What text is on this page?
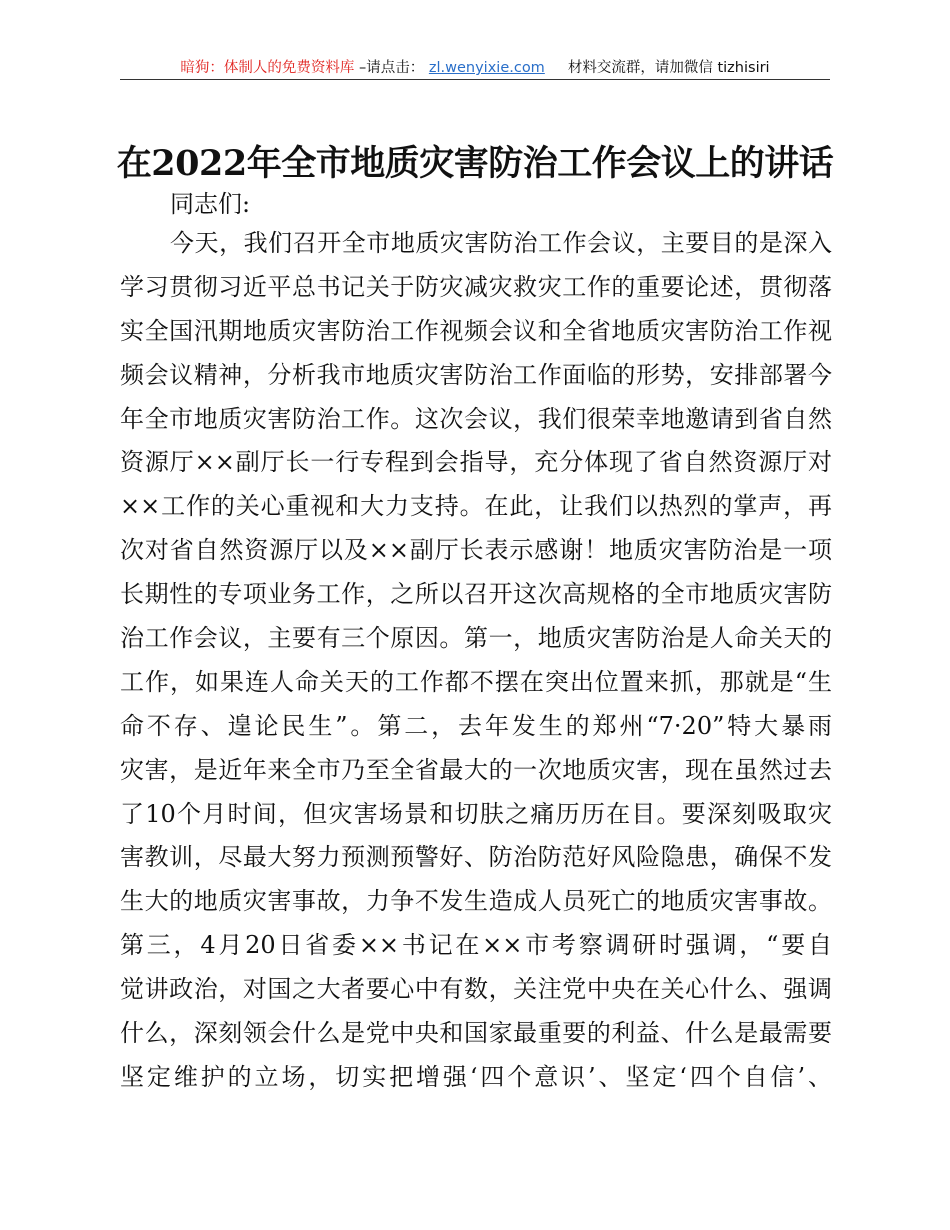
暗狗：体制人的免费资料库 –请点击： zl.wenyixie.com 材料交流群，请加微信 tizhisiri
在2022年全市地质灾害防治工作会议上的讲话
同志们:
今天，我们召开全市地质灾害防治工作会议，主要目的是深入
学习贯彻习近平总书记关于防灾减灾救灾工作的重要论述，贯彻落
实全国汛期地质灾害防治工作视频会议和全省地质灾害防治工作视
频会议精神，分析我市地质灾害防治工作面临的形势，安排部署今
年全市地质灾害防治工作。这次会议，我们很荣幸地邀请到省自然
资源厅××副厅长一行专程到会指导，充分体现了省自然资源厅对
××工作的关心重视和大力支持。在此，让我们以热烈的掌声，再
次对省自然资源厅以及××副厅长表示感谢！地质灾害防治是一项
长期性的专项业务工作，之所以召开这次高规格的全市地质灾害防
治工作会议，主要有三个原因。第一，地质灾害防治是人命关天的
工作，如果连人命关天的工作都不摆在突出位置来抓，那就是“生
命不存、遑论民生”。第二，去年发生的郑州“7·20”特大暴雨
灾害，是近年来全市乃至全省最大的一次地质灾害，现在虽然过去
了10个月时间，但灾害场景和切肤之痛历历在目。要深刻吸取灾
害教训，尽最大努力预测预警好、防治防范好风险隐患，确保不发
生大的地质灾害事故，力争不发生造成人员死亡的地质灾害事故。
第三，4月20日省委××书记在××市考察调研时强调，“要自
觉讲政治，对国之大者要心中有数，关注党中央在关心什么、强调
什么，深刻领会什么是党中央和国家最重要的利益、什么是最需要
坚定维护的立场，切实把增强‘四个意识’、坚定‘四个自信’、
